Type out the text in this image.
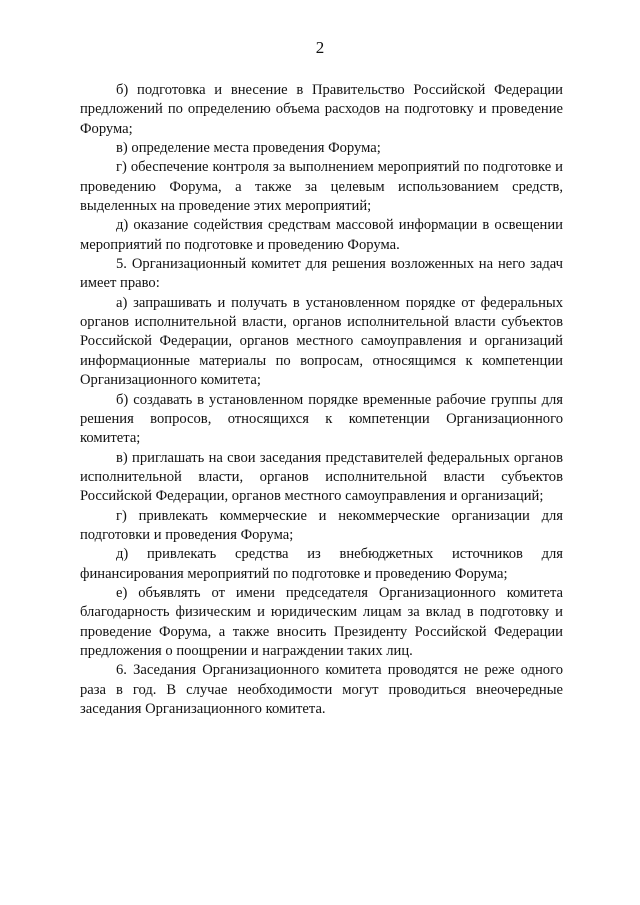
2

б) подготовка и внесение в Правительство Российской Федерации предложений по определению объема расходов на подготовку и проведение Форума;

в) определение места проведения Форума;

г) обеспечение контроля за выполнением мероприятий по подготовке и проведению Форума, а также за целевым использованием средств, выделенных на проведение этих мероприятий;

д) оказание содействия средствам массовой информации в освещении мероприятий по подготовке и проведению Форума.

5. Организационный комитет для решения возложенных на него задач имеет право:

а) запрашивать и получать в установленном порядке от федеральных органов исполнительной власти, органов исполнительной власти субъектов Российской Федерации, органов местного самоуправления и организаций информационные материалы по вопросам, относящимся к компетенции Организационного комитета;

б) создавать в установленном порядке временные рабочие группы для решения вопросов, относящихся к компетенции Организационного комитета;

в) приглашать на свои заседания представителей федеральных органов исполнительной власти, органов исполнительной власти субъектов Российской Федерации, органов местного самоуправления и организаций;

г) привлекать коммерческие и некоммерческие организации для подготовки и проведения Форума;

д) привлекать средства из внебюджетных источников для финансирования мероприятий по подготовке и проведению Форума;

е) объявлять от имени председателя Организационного комитета благодарность физическим и юридическим лицам за вклад в подготовку и проведение Форума, а также вносить Президенту Российской Федерации предложения о поощрении и награждении таких лиц.

6. Заседания Организационного комитета проводятся не реже одного раза в год. В случае необходимости могут проводиться внеочередные заседания Организационного комитета.
